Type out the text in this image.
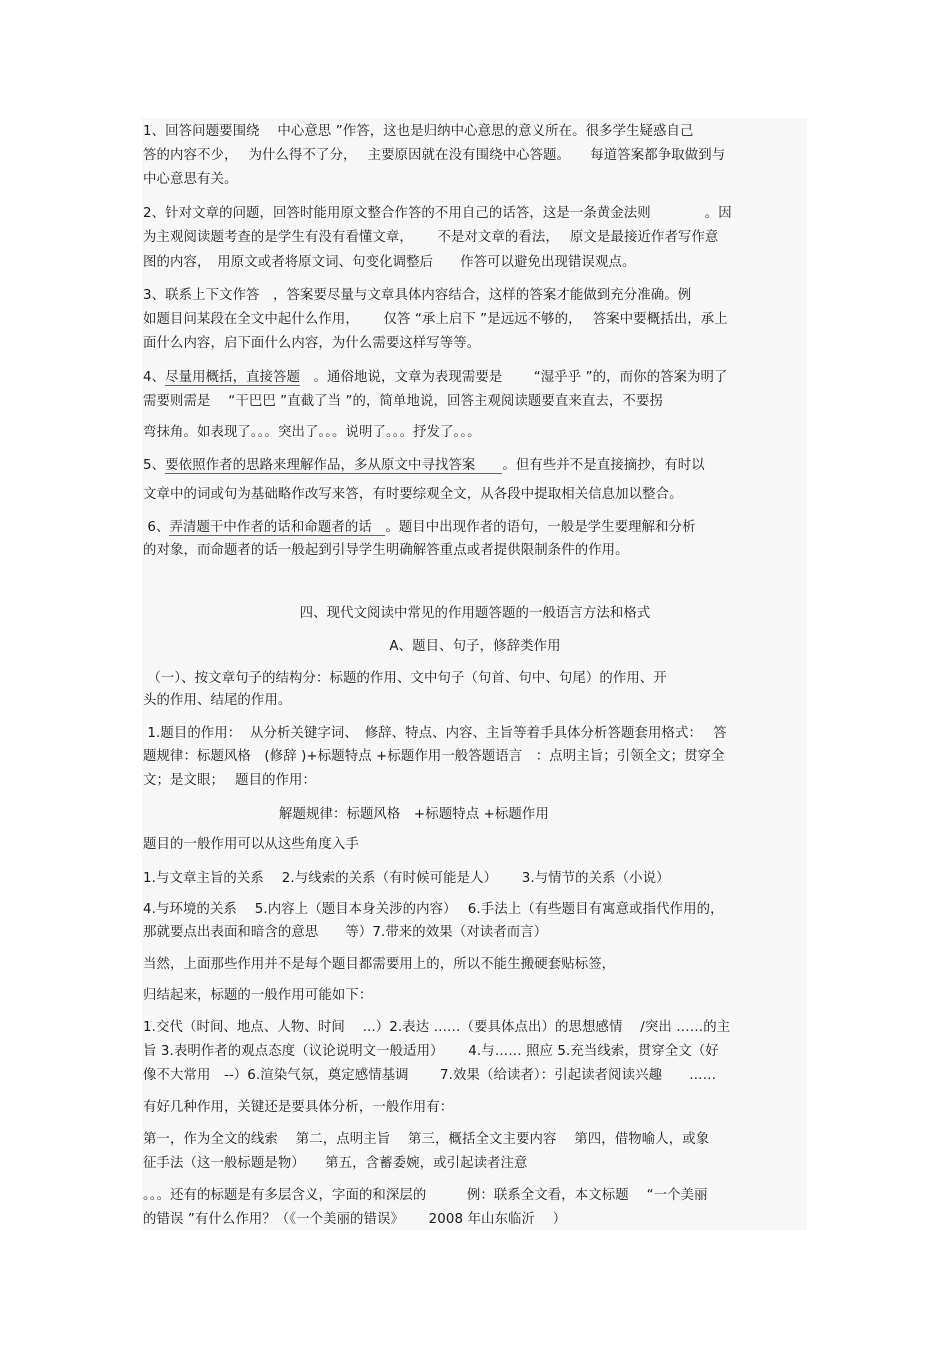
1、回答问题要围绕　 中心意思 ”作答，这也是归纳中心意思的意义所在。很多学生疑惑自己
答的内容不少，　 为什么得不了分，　 主要原因就在没有围绕中心答题。　　每道答案都争取做到与
中心意思有关。
2、针对文章的问题，回答时能用原文整合作答的不用自己的话答，这是一条黄金法则　　　　。因
为主观阅读题考查的是学生有没有看懂文章，　　 不是对文章的看法，　 原文是最接近作者写作意
图的内容，　用原文或者将原文词、句变化调整后　　作答可以避免出现错误观点。
3、联系上下文作答　，答案要尽量与文章具体内容结合，这样的答案才能做到充分准确。例
如题目问某段在全文中起什么作用，　　 仅答 “承上启下 ”是远远不够的，　 答案中要概括出，承上
面什么内容，启下面什么内容，为什么需要这样写等等。
4、尽量用概括，直接答题　。通俗地说，文章为表现需要是　　 “湿乎乎 ”的，而你的答案为明了
需要则需是　 “干巴巴 ”直截了当 ”的，简单地说，回答主观阅读题要直来直去，不要拐
弯抹角。如表现了。。。突出了。。。说明了。。。抒发了。。。
5、要依照作者的思路来理解作品，多从原文中寻找答案　　。但有些并不是直接摘抄，有时以
文章中的词或句为基础略作改写来答，有时要综观全文，从各段中提取相关信息加以整合。
6、弄清题干中作者的话和命题者的话　。题目中出现作者的语句，一般是学生要理解和分析
的对象，而命题者的话一般起到引导学生明确解答重点或者提供限制条件的作用。
四、现代文阅读中常见的作用题答题的一般语言方法和格式
A、题目、句子，修辞类作用
（一）、按文章句子的结构分：标题的作用、文中句子（句首、句中、句尾）的作用、开
头的作用、结尾的作用。
1.题目的作用：  从分析关键字词、　修辞、特点、内容、主旨等着手具体分析答题套用格式：　 答
题规律：标题风格　(修辞 )+标题特点 +标题作用一般答题语言　：点明主旨；引领全文；贯穿全
文；是文眼；　 题目的作用：
解题规律：标题风格　+标题特点 +标题作用
题目的一般作用可以从这些角度入手
1.与文章主旨的关系　 2.与线索的关系（有时候可能是人）　　 3.与情节的关系（小说）
4.与环境的关系　 5.内容上（题目本身关涉的内容）　 6.手法上（有些题目有寓意或指代作用的，
那就要点出表面和暗含的意思　　等）7.带来的效果（对读者而言）
当然，上面那些作用并不是每个题目都需要用上的，所以不能生搬硬套贴标签，
归结起来，标题的一般作用可能如下：
1.交代（时间、地点、人物、时间　 ...）2.表达 ……（要具体点出）的思想感情　 /突出 ……的主
旨 3.表明作者的观点态度（议论说明文一般适用）　　 4.与…… 照应 5.充当线索，贯穿全文（好
像不大常用　--）6.渲染气氛，奠定感情基调　　 7.效果（给读者）：引起读者阅读兴趣　　……
有好几种作用，关键还是要具体分析，一般作用有：
第一，作为全文的线索　 第二，点明主旨　 第三，概括全文主要内容　 第四，借物喻人，或象
征手法（这一般标题是物）　　第五，含蓄委婉，或引起读者注意
。。。还有的标题是有多层含义，字面的和深层的　　　例：联系全文看，本文标题　 “一个美丽
的错误 ”有什么作用？（《一个美丽的错误》　　 2008 年山东临沂　 ）
